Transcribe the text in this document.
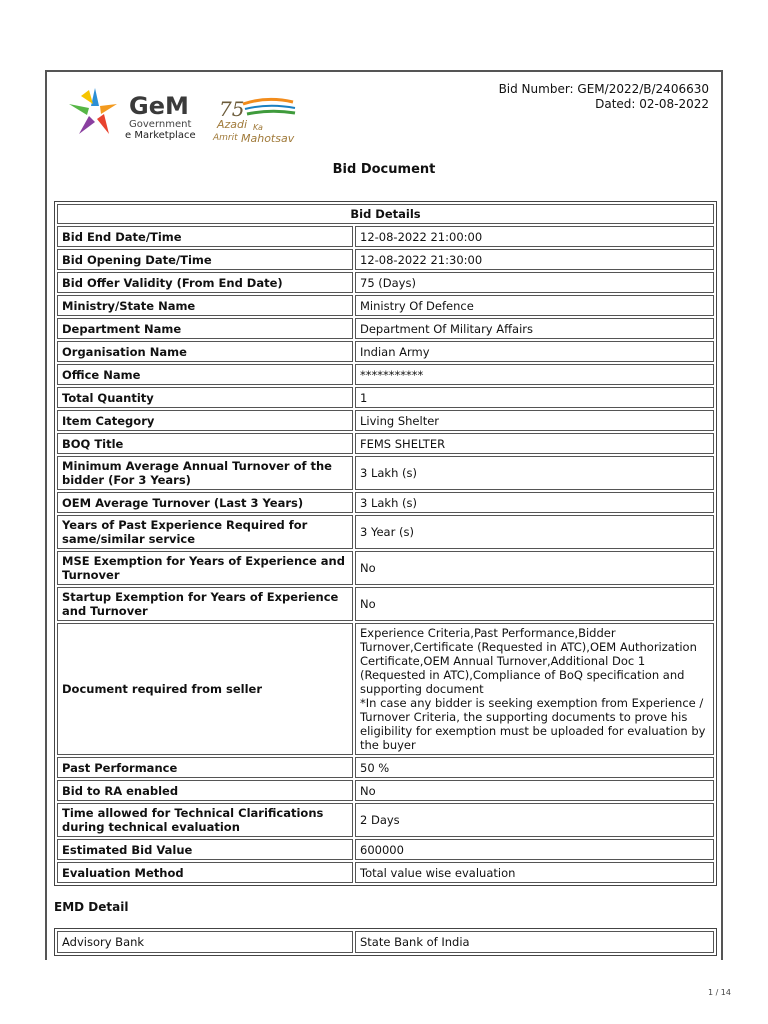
GeM
Government
e Marketplace
75
Azadi Ka
Amrit Mahotsav
Bid Number: GEM/2022/B/2406630
Dated: 02-08-2022
Bid Document
Bid Details	
Bid End Date/Time	12-08-2022 21:00:00
Bid Opening Date/Time	12-08-2022 21:30:00
Bid Offer Validity (From End Date)	75 (Days)
Ministry/State Name	Ministry Of Defence
Department Name	Department Of Military Affairs
Organisation Name	Indian Army
Office Name	***********
Total Quantity	1
Item Category	Living Shelter
BOQ Title	FEMS SHELTER
Minimum Average Annual Turnover of the bidder (For 3 Years)	3 Lakh (s)
OEM Average Turnover (Last 3 Years)	3 Lakh (s)
Years of Past Experience Required for same/similar service	3 Year (s)
MSE Exemption for Years of Experience and Turnover	No
Startup Exemption for Years of Experience and Turnover	No
Document required from seller	Experience Criteria,Past Performance,Bidder Turnover,Certificate (Requested in ATC),OEM Authorization Certificate,OEM Annual Turnover,Additional Doc 1 (Requested in ATC),Compliance of BoQ specification and supporting document
*In case any bidder is seeking exemption from Experience / Turnover Criteria, the supporting documents to prove his eligibility for exemption must be uploaded for evaluation by the buyer

Past Performance	50 %
Bid to RA enabled	No
Time allowed for Technical Clarifications during technical evaluation	2 Days
Estimated Bid Value	600000
Evaluation Method	Total value wise evaluation
EMD Detail
Advisory Bank	State Bank of India
1 / 14
